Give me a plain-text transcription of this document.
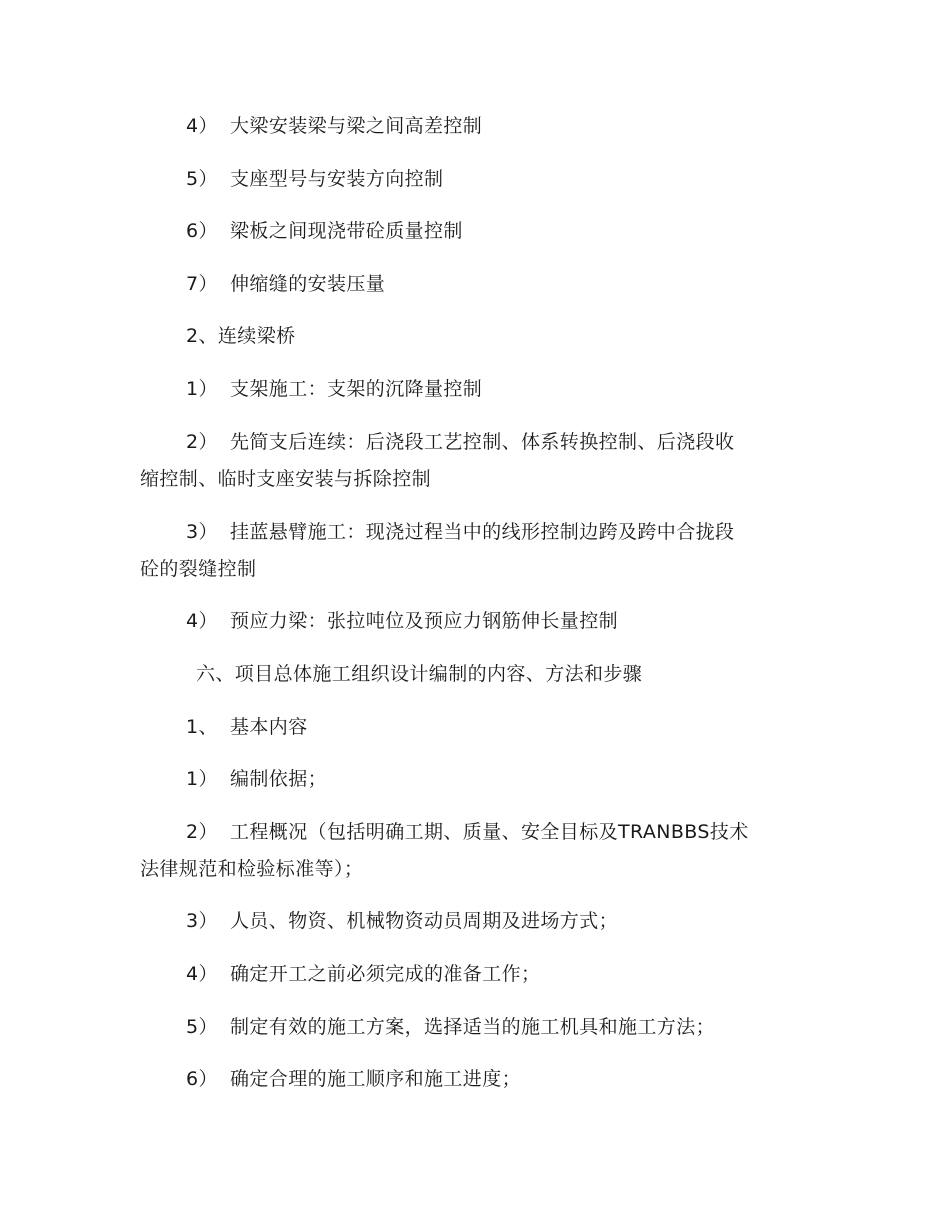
4） 大梁安装梁与梁之间高差控制
5） 支座型号与安装方向控制
6） 梁板之间现浇带砼质量控制
7） 伸缩缝的安装压量
2、连续梁桥
1） 支架施工：支架的沉降量控制
2） 先简支后连续：后浇段工艺控制、体系转换控制、后浇段收
缩控制、临时支座安装与拆除控制
3） 挂蓝悬臂施工：现浇过程当中的线形控制边跨及跨中合拢段
砼的裂缝控制
4） 预应力梁：张拉吨位及预应力钢筋伸长量控制
六、项目总体施工组织设计编制的内容、方法和步骤
1、 基本内容
1） 编制依据；
2） 工程概况（包括明确工期、质量、安全目标及TRANBBS技术
法律规范和检验标准等）；
3） 人员、物资、机械物资动员周期及进场方式；
4） 确定开工之前必须完成的准备工作；
5） 制定有效的施工方案，选择适当的施工机具和施工方法；
6） 确定合理的施工顺序和施工进度；
